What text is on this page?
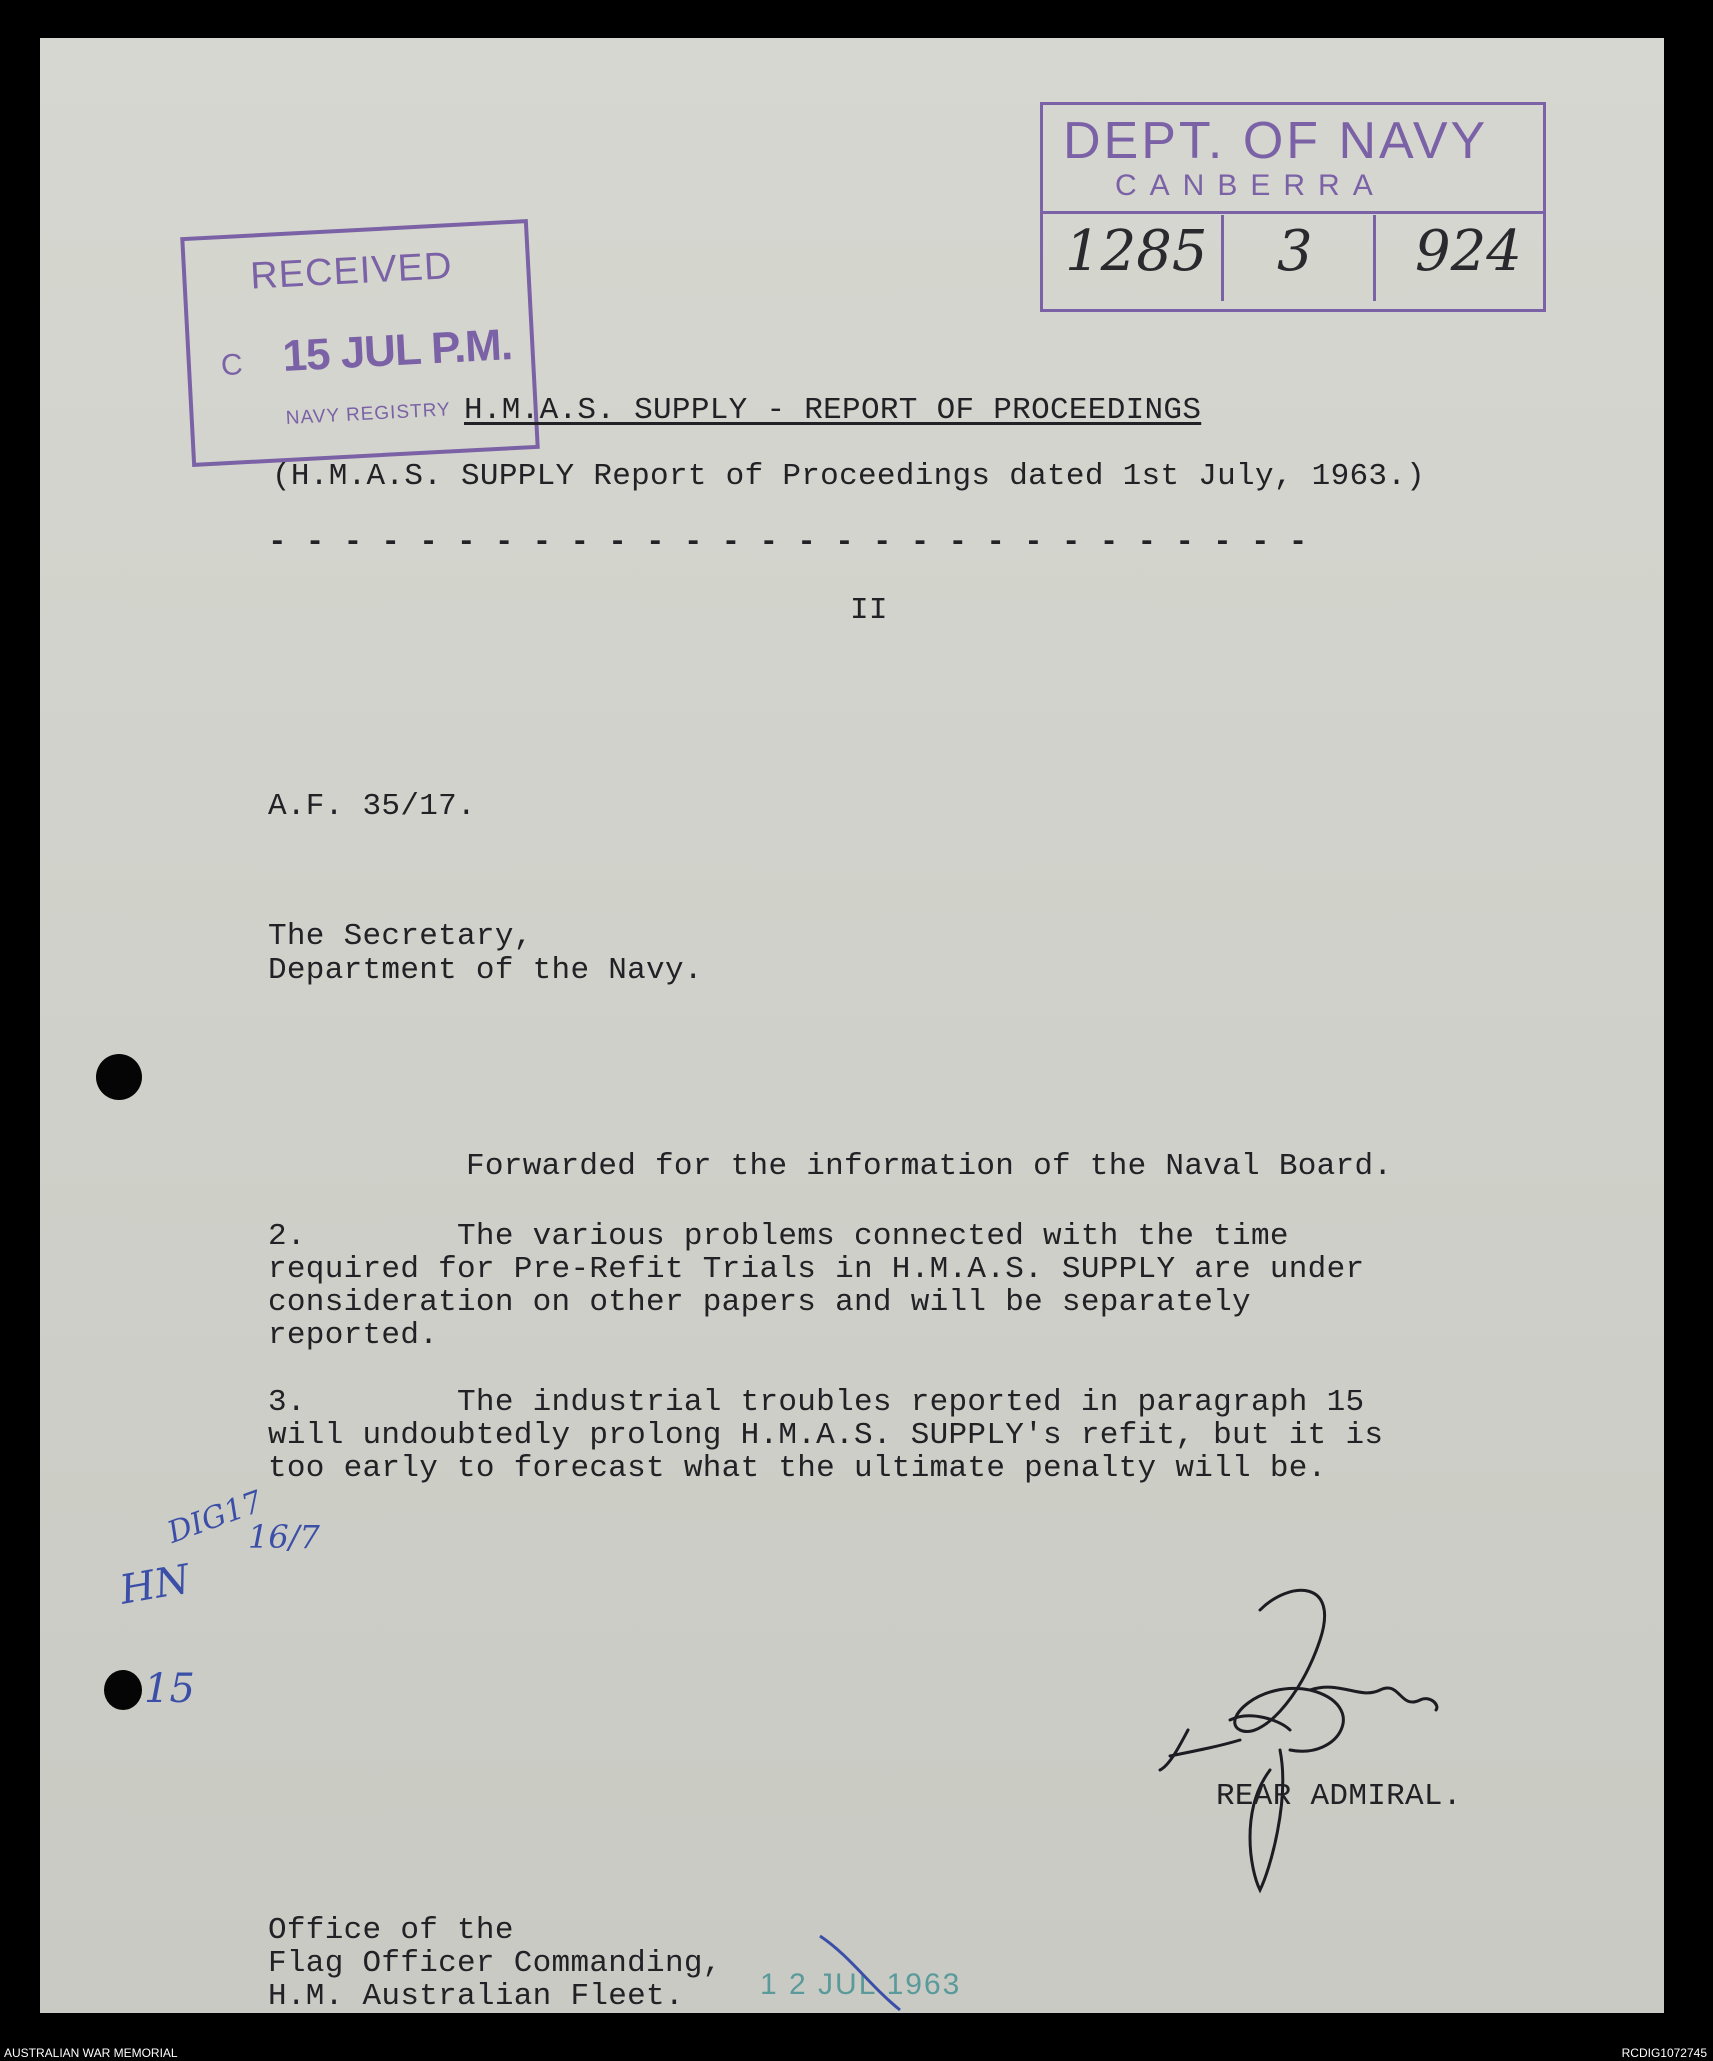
DEPT. OF NAVY
CANBERRA
1285 3 924
RECEIVED
C 15 JUL P.M.
NAVY REGISTRY H.M.A.S. SUPPLY - REPORT OF PROCEEDINGS
(H.M.A.S. SUPPLY Report of Proceedings dated 1st July, 1963.)
- - - - - - - - - - - - - - - - - - - - - - - - - - - -
II
A.F. 35/17.
The Secretary,
Department of the Navy.
Forwarded for the information of the Naval Board.
2.        The various problems connected with the time
required for Pre-Refit Trials in H.M.A.S. SUPPLY are under
consideration on other papers and will be separately
reported.
3.        The industrial troubles reported in paragraph 15
will undoubtedly prolong H.M.A.S. SUPPLY's refit, but it is
too early to forecast what the ultimate penalty will be.
DIG17
16/7
HN
15
REAR ADMIRAL.
Office of the
Flag Officer Commanding,
H.M. Australian Fleet.	1 2 JUL 1963
AUSTRALIAN WAR MEMORIAL	RCDIG1072745
